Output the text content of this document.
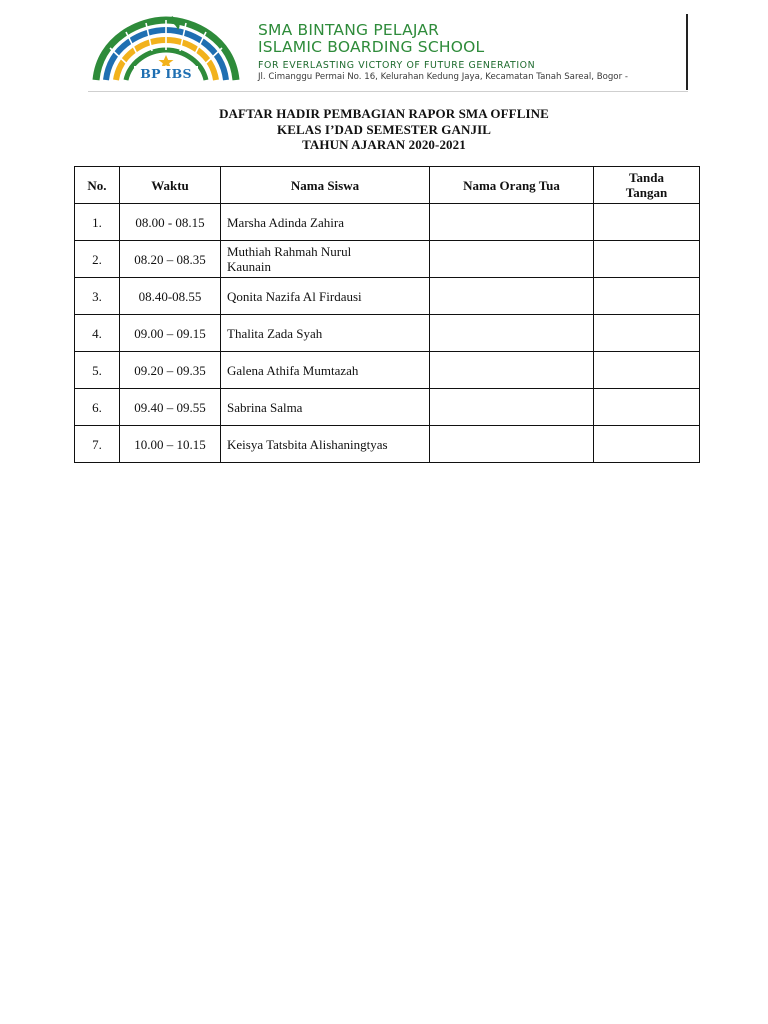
BP IBS
SMA BINTANG PELAJAR
ISLAMIC BOARDING SCHOOL
FOR EVERLASTING VICTORY OF FUTURE GENERATION
Jl. Cimanggu Permai No. 16, Kelurahan Kedung Jaya, Kecamatan Tanah Sareal, Bogor -
DAFTAR HADIR PEMBAGIAN RAPOR SMA OFFLINE
KELAS I’DAD SEMESTER GANJIL
TAHUN AJARAN 2020-2021
No.	Waktu	Nama Siswa	Nama Orang Tua	Tanda Tangan
1.	08.00 - 08.15	Marsha Adinda Zahira		
2.	08.20 – 08.35	Muthiah Rahmah Nurul Kaunain		
3.	08.40-08.55	Qonita Nazifa Al Firdausi		
4.	09.00 – 09.15	Thalita Zada Syah		
5.	09.20 – 09.35	Galena Athifa Mumtazah		
6.	09.40 – 09.55	Sabrina Salma		
7.	10.00 – 10.15	Keisya Tatsbita Alishaningtyas		
